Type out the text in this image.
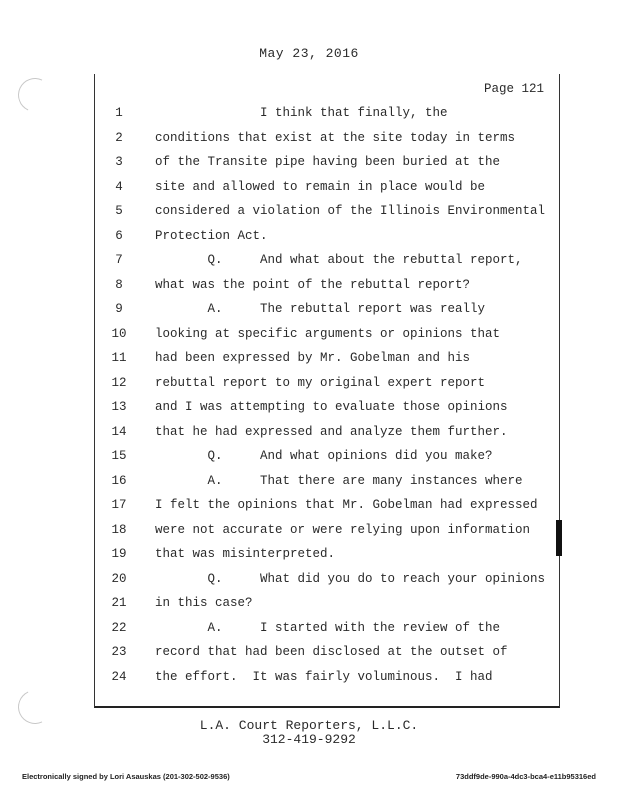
May 23, 2016
Page 121
1	I think that finally, the
2	conditions that exist at the site today in terms
3	of the Transite pipe having been buried at the
4	site and allowed to remain in place would be
5	considered a violation of the Illinois Environmental
6	Protection Act.
7	Q.     And what about the rebuttal report,
8	what was the point of the rebuttal report?
9	A.     The rebuttal report was really
10	looking at specific arguments or opinions that
11	had been expressed by Mr. Gobelman and his
12	rebuttal report to my original expert report
13	and I was attempting to evaluate those opinions
14	that he had expressed and analyze them further.
15	Q.     And what opinions did you make?
16	A.     That there are many instances where
17	I felt the opinions that Mr. Gobelman had expressed
18	were not accurate or were relying upon information
19	that was misinterpreted.
20	Q.     What did you do to reach your opinions
21	in this case?
22	A.     I started with the review of the
23	record that had been disclosed at the outset of
24	the effort.  It was fairly voluminous.  I had
L.A. Court Reporters, L.L.C.
312-419-9292
Electronically signed by Lori Asauskas (201-302-502-9536)	73ddf9de-990a-4dc3-bca4-e11b95316ed
